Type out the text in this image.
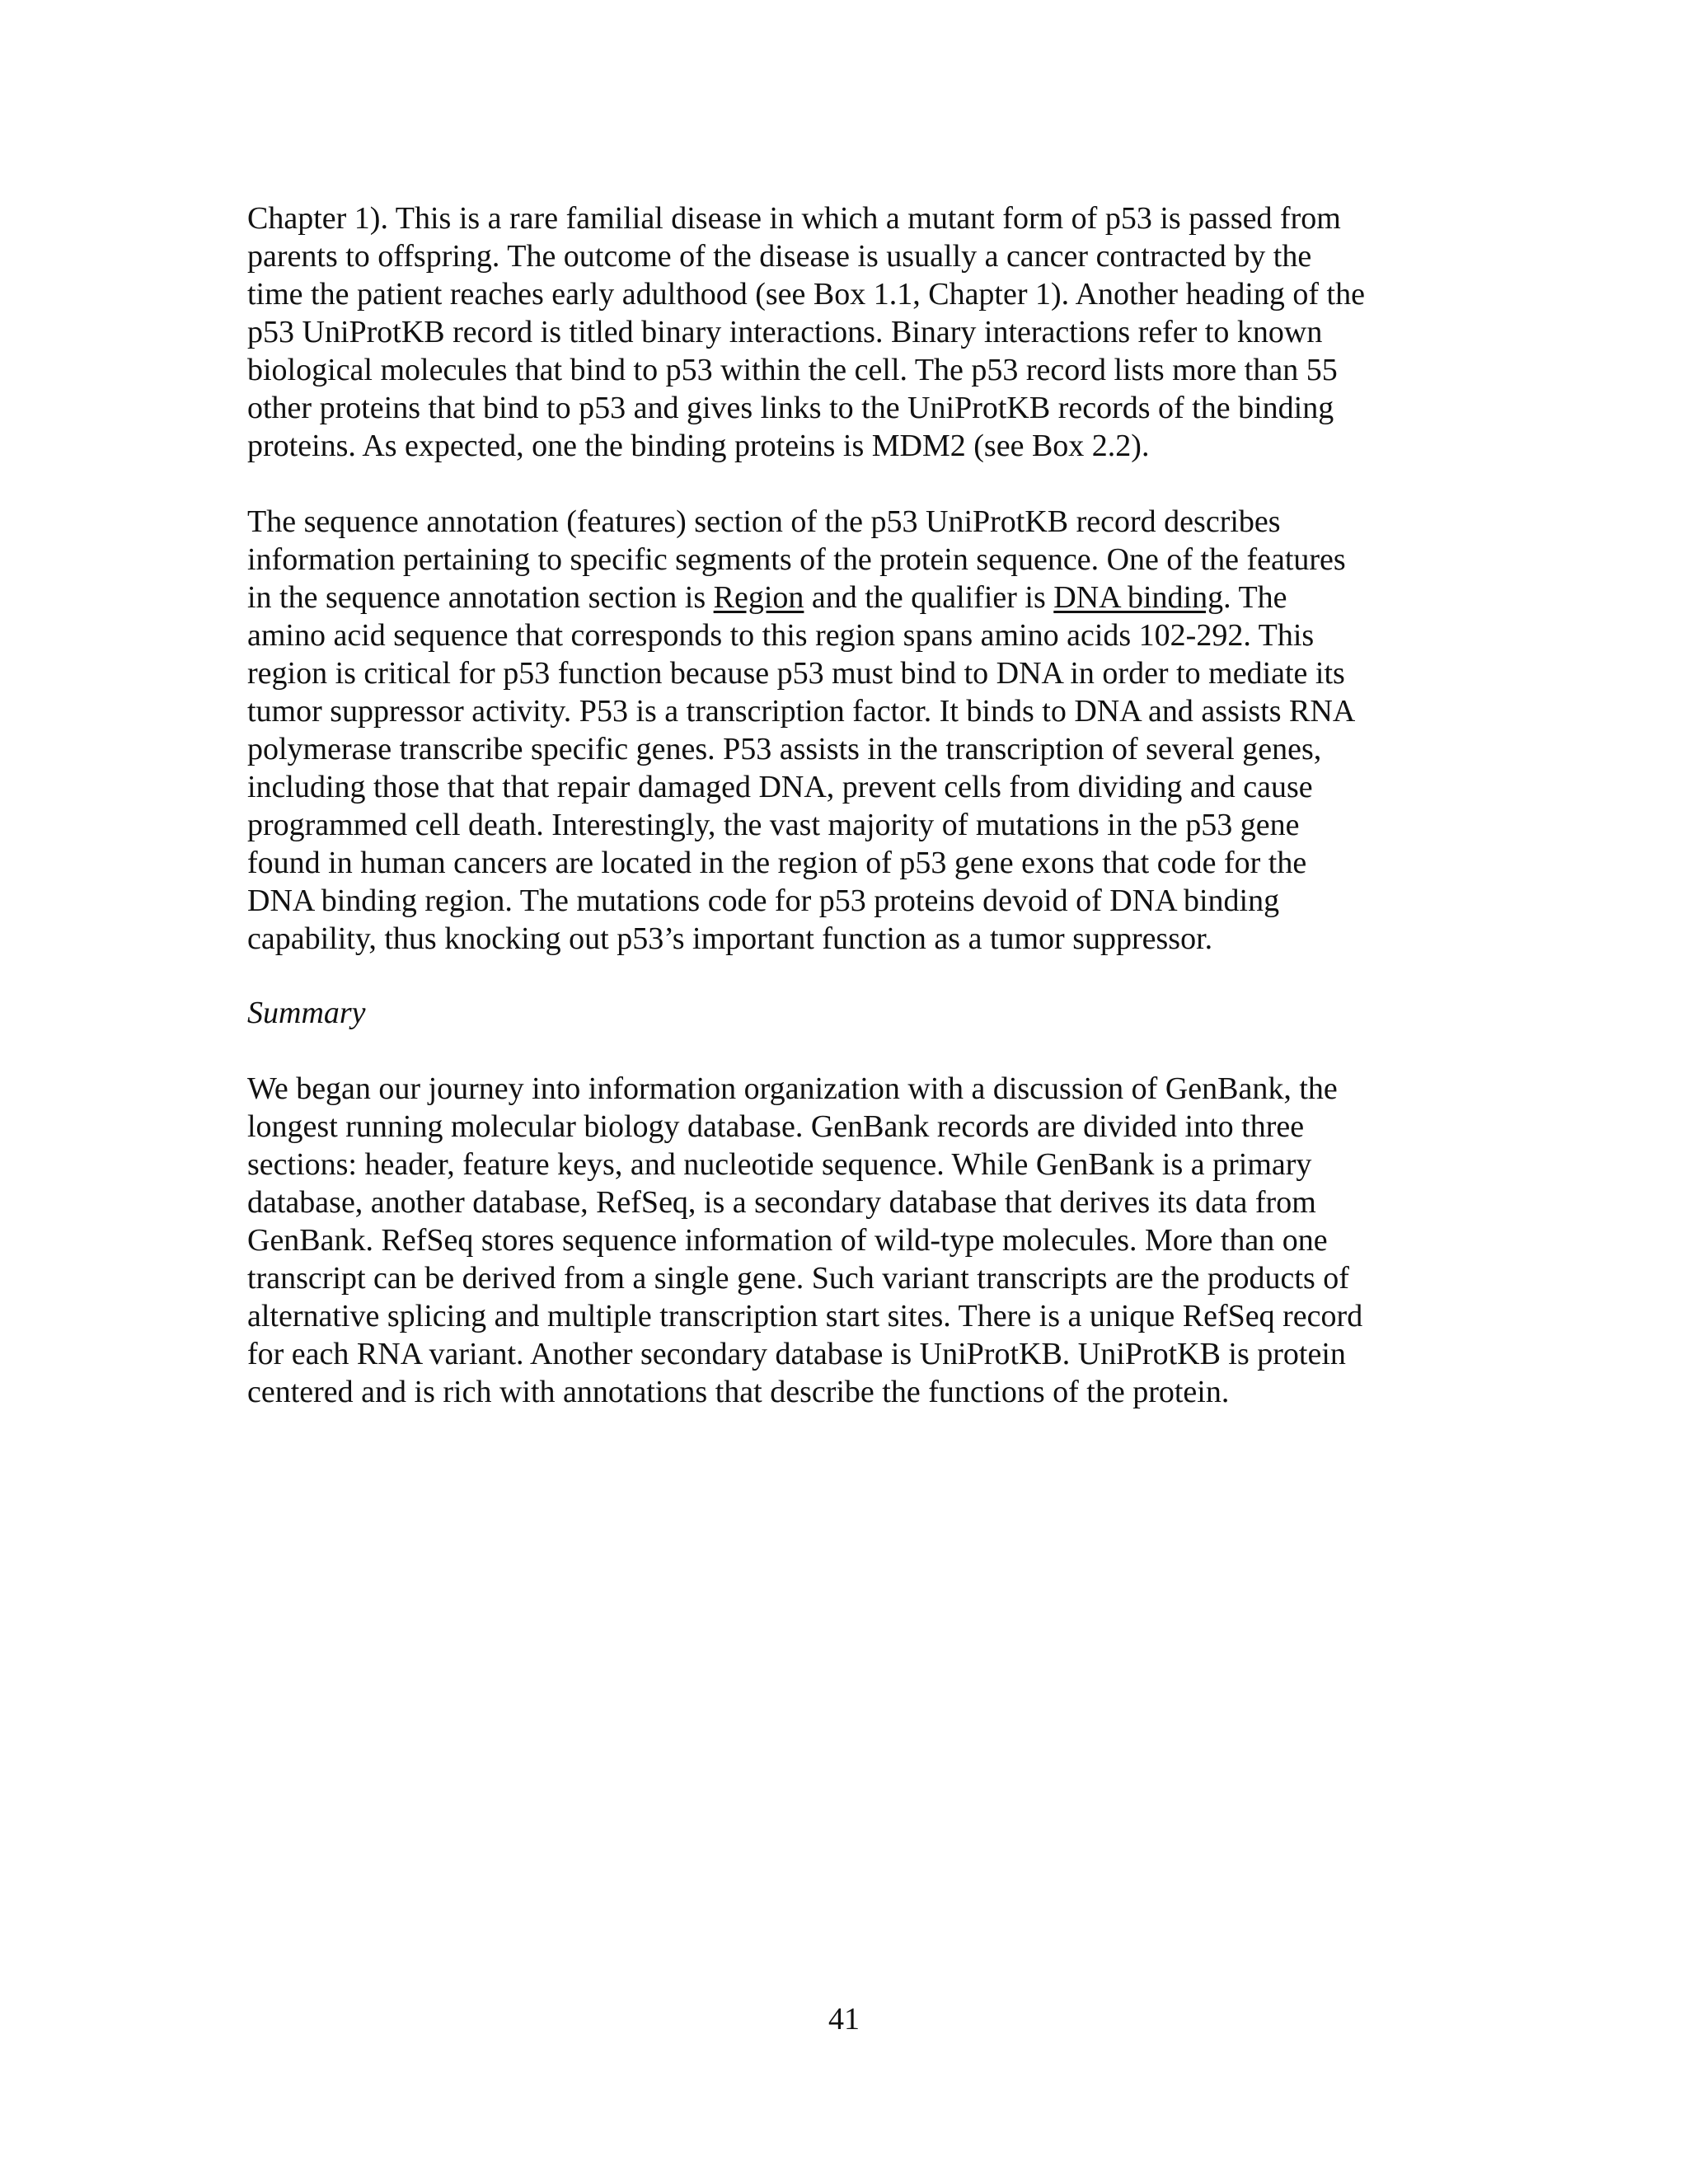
Chapter 1). This is a rare familial disease in which a mutant form of p53 is passed from
parents to offspring. The outcome of the disease is usually a cancer contracted by the
time the patient reaches early adulthood (see Box 1.1, Chapter 1). Another heading of the
p53 UniProtKB record is titled binary interactions. Binary interactions refer to known
biological molecules that bind to p53 within the cell. The p53 record lists more than 55
other proteins that bind to p53 and gives links to the UniProtKB records of the binding
proteins. As expected, one the binding proteins is MDM2 (see Box 2.2).
The sequence annotation (features) section of the p53 UniProtKB record describes
information pertaining to specific segments of the protein sequence. One of the features
in the sequence annotation section is Region and the qualifier is DNA binding. The
amino acid sequence that corresponds to this region spans amino acids 102-292. This
region is critical for p53 function because p53 must bind to DNA in order to mediate its
tumor suppressor activity. P53 is a transcription factor. It binds to DNA and assists RNA
polymerase transcribe specific genes. P53 assists in the transcription of several genes,
including those that that repair damaged DNA, prevent cells from dividing and cause
programmed cell death. Interestingly, the vast majority of mutations in the p53 gene
found in human cancers are located in the region of p53 gene exons that code for the
DNA binding region. The mutations code for p53 proteins devoid of DNA binding
capability, thus knocking out p53’s important function as a tumor suppressor.
Summary
We began our journey into information organization with a discussion of GenBank, the
longest running molecular biology database. GenBank records are divided into three
sections: header, feature keys, and nucleotide sequence. While GenBank is a primary
database, another database, RefSeq, is a secondary database that derives its data from
GenBank. RefSeq stores sequence information of wild-type molecules. More than one
transcript can be derived from a single gene. Such variant transcripts are the products of
alternative splicing and multiple transcription start sites. There is a unique RefSeq record
for each RNA variant. Another secondary database is UniProtKB. UniProtKB is protein
centered and is rich with annotations that describe the functions of the protein.
41
